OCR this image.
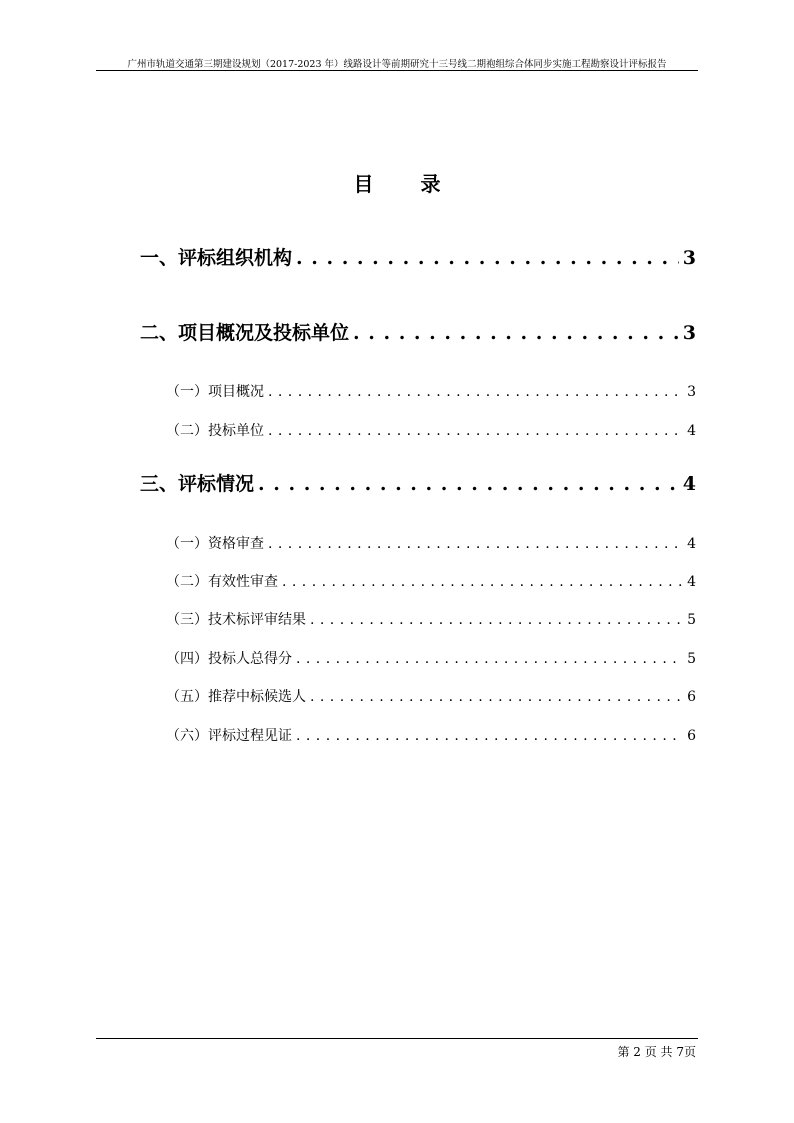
广州市轨道交通第三期建设规划（2017-2023 年）线路设计等前期研究十三号线二期袍组综合体同步实施工程勘察设计评标报告
目 录
一、评标组织机构 . . .	3
二、项目概况及投标单位 . . .	3
（一）项目概况 . . .	3
（二）投标单位 . . .	4
三、评标情况 . . .	4
（一）资格审查 . . .	4
（二）有效性审查 . . .	4
（三）技术标评审结果 . . .	5
（四）投标人总得分 . . .	5
（五）推荐中标候选人 . . .	6
（六）评标过程见证 . . .	6
第 2 页 共 7页
